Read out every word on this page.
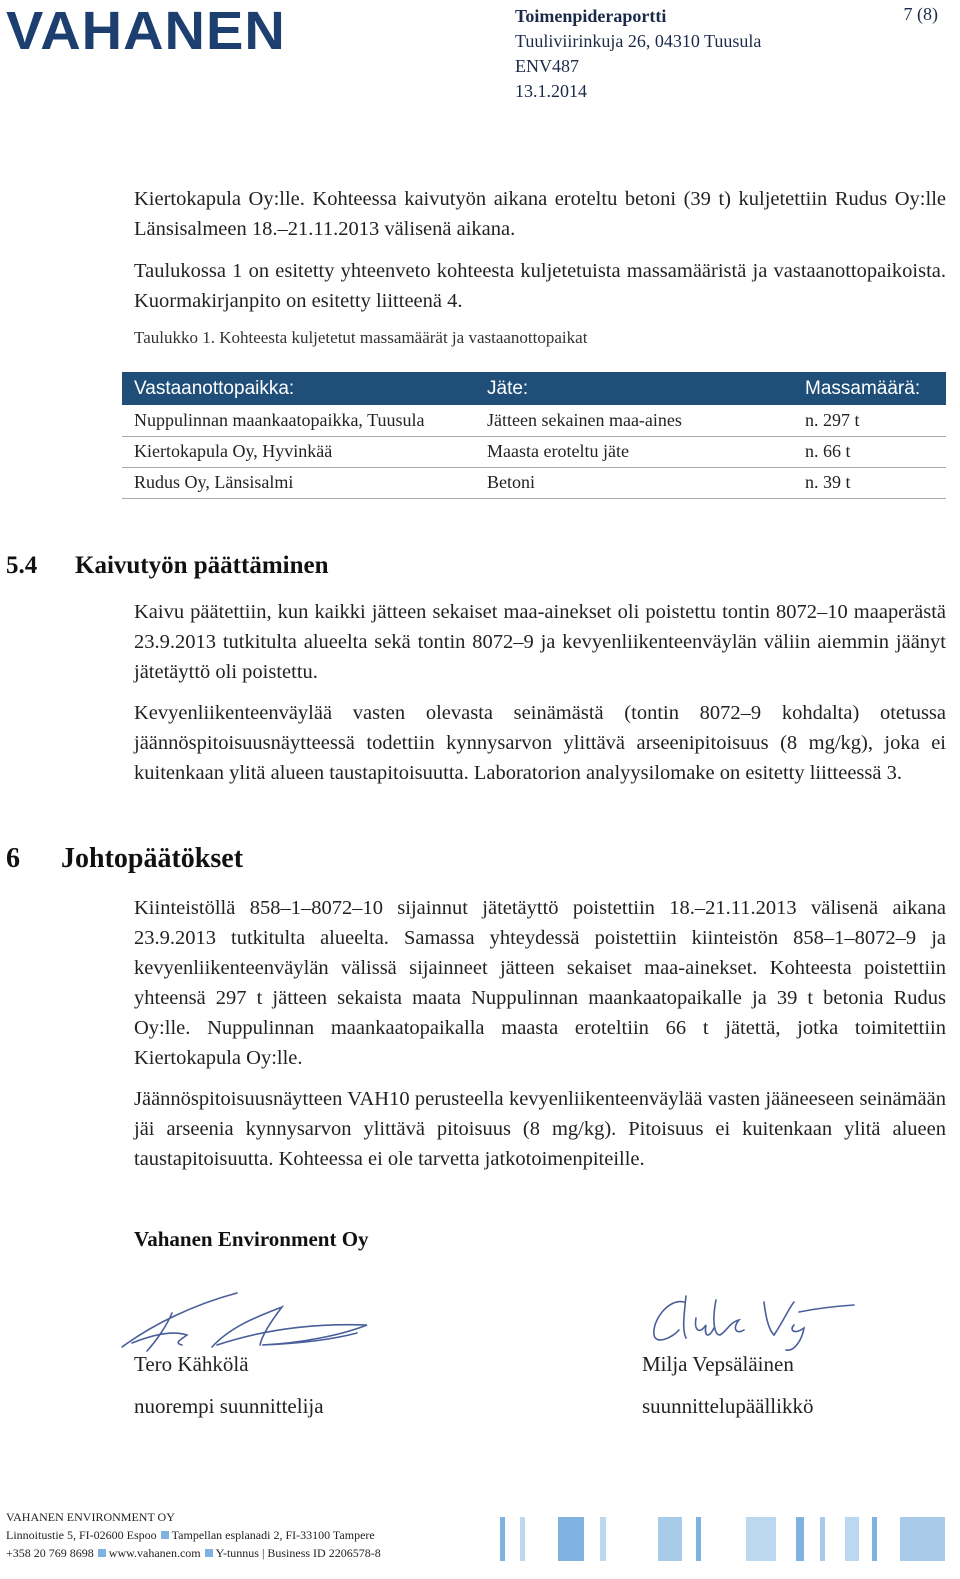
VAHANEN	Toimenpideraportti
Tuuliviirinkuja 26, 04310 Tuusula
ENV487
13.1.2014
7 (8)

Kiertokapula Oy:lle. Kohteessa kaivutyön aikana eroteltu betoni (39 t) kuljetettiin Rudus Oy:lle Länsisalmeen 18.–21.11.2013 välisenä aikana.

Taulukossa 1 on esitetty yhteenveto kohteesta kuljetetuista massamääristä ja vastaanottopaikoista. Kuormakirjanpito on esitetty liitteenä 4.

Taulukko 1. Kohteesta kuljetetut massamäärät ja vastaanottopaikat
Vastaanottopaikka:	Jäte:	Massamäärä:
Nuppulinnan maankaatopaikka, Tuusula	Jätteen sekainen maa-aines	n. 297 t
Kiertokapula Oy, Hyvinkää	Maasta eroteltu jäte	n. 66 t
Rudus Oy, Länsisalmi	Betoni	n. 39 t
5.4 Kaivutyön päättäminen

Kaivu päätettiin, kun kaikki jätteen sekaiset maa-ainekset oli poistettu tontin 8072–10 maaperästä 23.9.2013 tutkitulta alueelta sekä tontin 8072–9 ja kevyenliikenteenväylän väliin aiemmin jäänyt jätetäyttö oli poistettu.

Kevyenliikenteenväylää vasten olevasta seinämästä (tontin 8072–9 kohdalta) otetussa jäännöspitoisuusnäytteessä todettiin kynnysarvon ylittävä arseenipitoisuus (8 mg/kg), joka ei kuitenkaan ylitä alueen taustapitoisuutta. Laboratorion analyysilomake on esitetty liitteessä 3.

6 Johtopäätökset

Kiinteistöllä 858–1–8072–10 sijainnut jätetäyttö poistettiin 18.–21.11.2013 välisenä aikana 23.9.2013 tutkitulta alueelta. Samassa yhteydessä poistettiin kiinteistön 858–1–8072–9 ja kevyenliikenteenväylän välissä sijainneet jätteen sekaiset maa-ainekset. Kohteesta poistettiin yhteensä 297 t jätteen sekaista maata Nuppulinnan maankaatopaikalle ja 39 t betonia Rudus Oy:lle. Nuppulinnan maankaatopaikalla maasta eroteltiin 66 t jätettä, jotka toimitettiin Kiertokapula Oy:lle.

Jäännöspitoisuusnäytteen VAH10 perusteella kevyenliikenteenväylää vasten jääneeseen seinämään jäi arseenia kynnysarvon ylittävä pitoisuus (8 mg/kg). Pitoisuus ei kuitenkaan ylitä alueen taustapitoisuutta. Kohteessa ei ole tarvetta jatkotoimenpiteille.

Vahanen Environment Oy
Tero Kähkölä
nuorempi suunnittelija
Milja Vepsäläinen
suunnittelupäällikkö
VAHANEN ENVIRONMENT OY
Linnoitustie 5, FI-02600 Espoo Tampellan esplanadi 2, FI-33100 Tampere
+358 20 769 8698 www.vahanen.com Y-tunnus | Business ID 2206578-8
